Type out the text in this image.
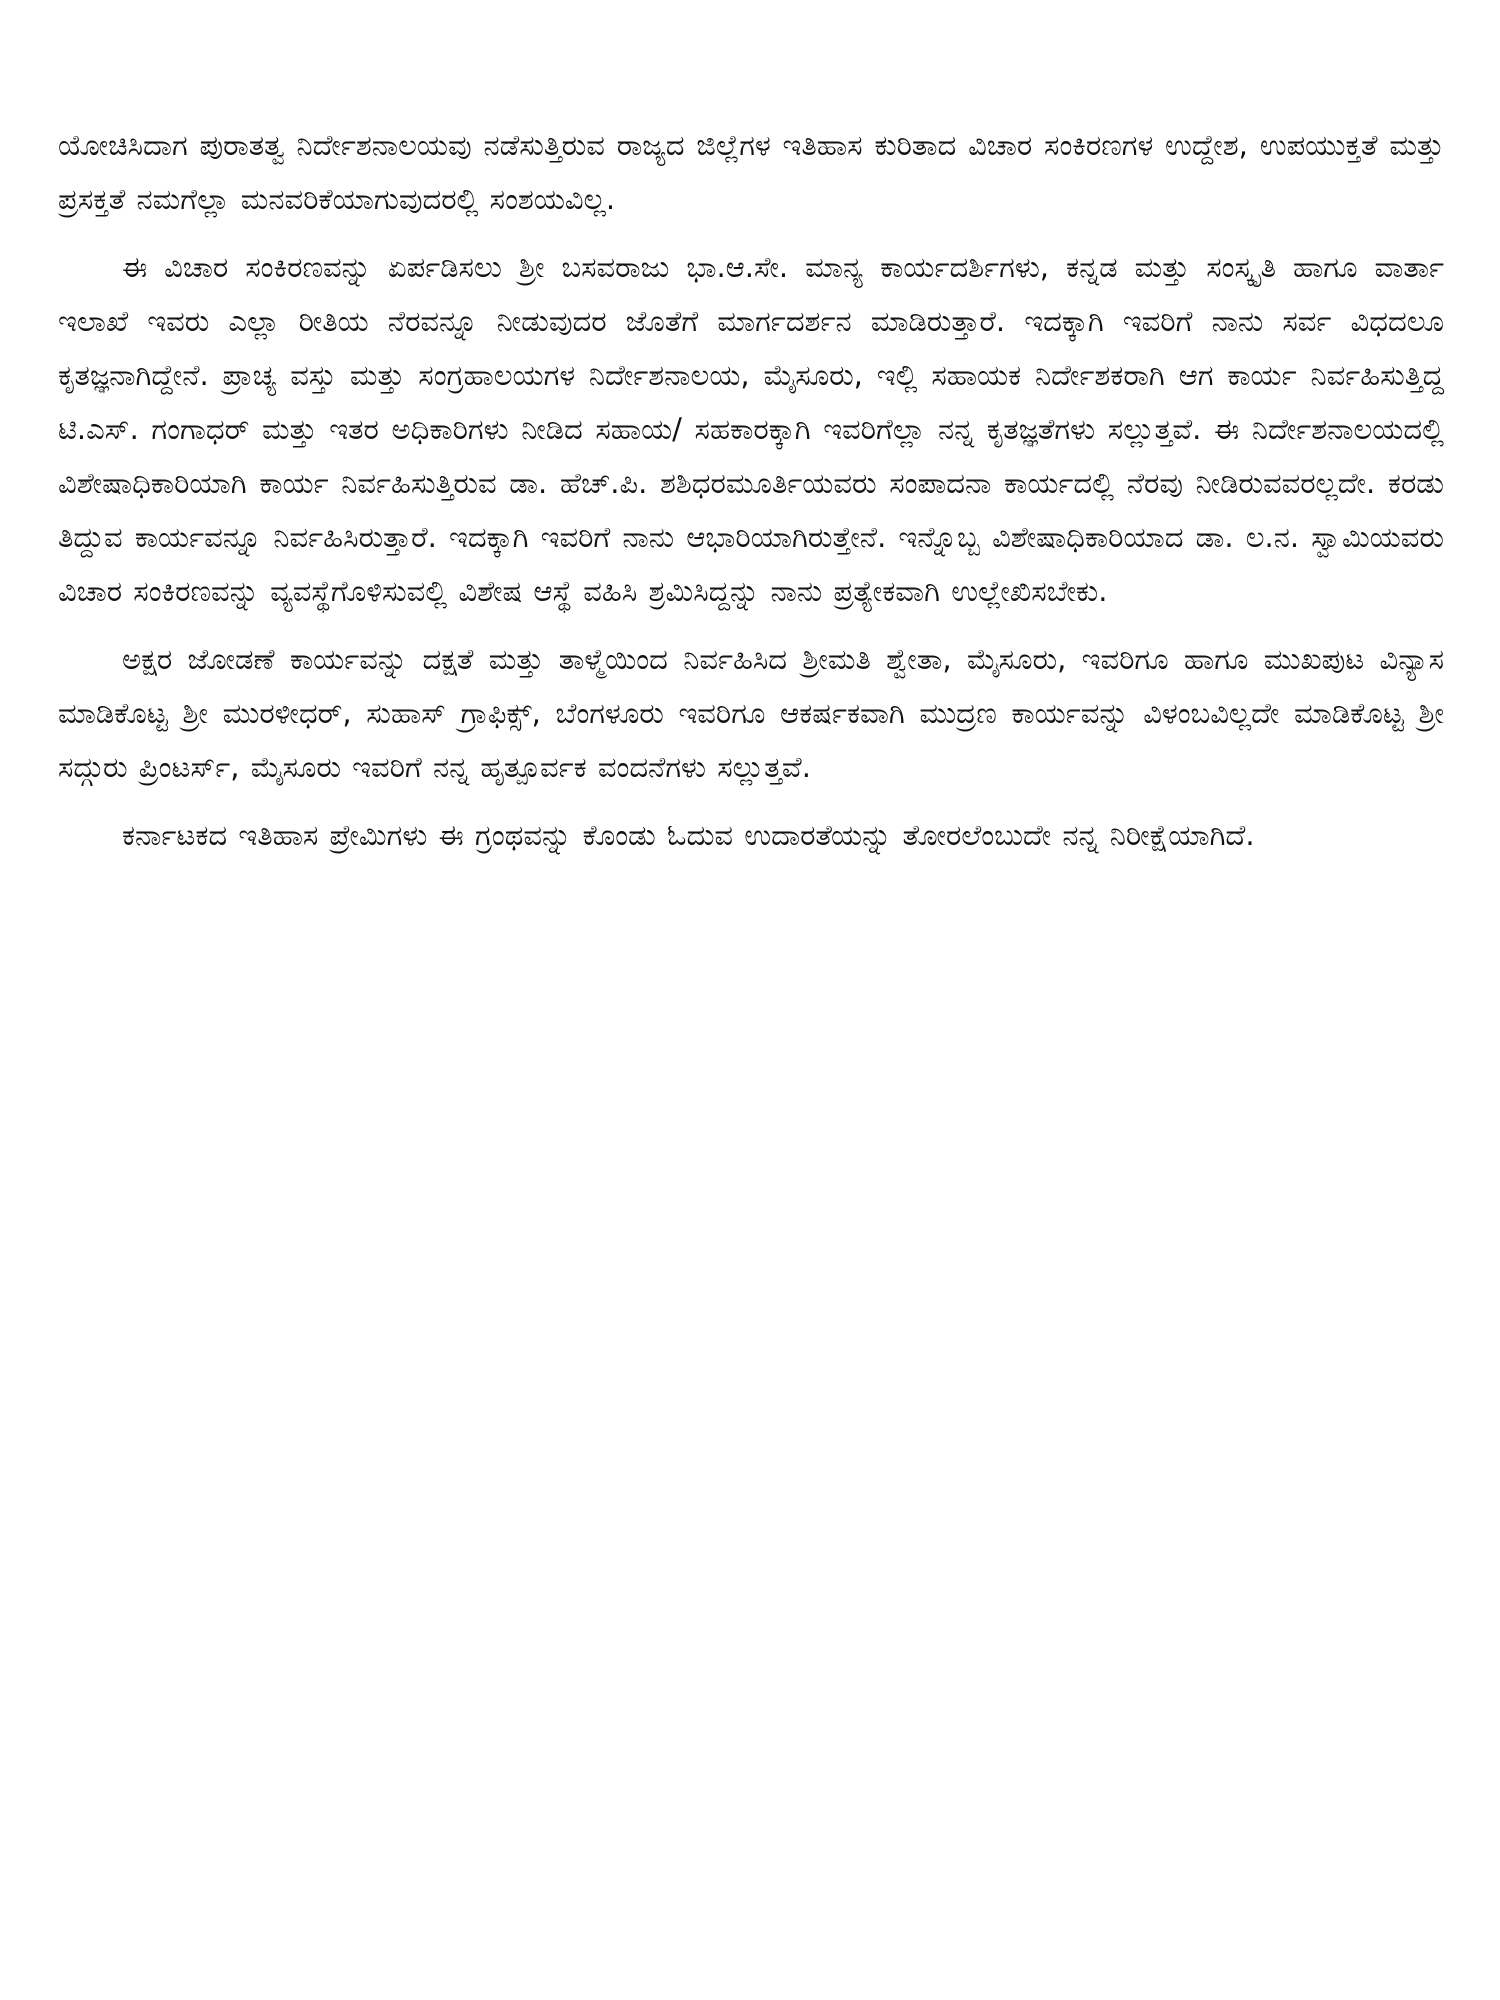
ಯೋಚಿಸಿದಾಗ ಪುರಾತತ್ವ ನಿರ್ದೇಶನಾಲಯವು ನಡೆಸುತ್ತಿರುವ ರಾಜ್ಯದ ಜಿಲ್ಲೆಗಳ ಇತಿಹಾಸ ಕುರಿತಾದ ವಿಚಾರ ಸಂಕಿರಣಗಳ ಉದ್ದೇಶ, ಉಪಯುಕ್ತತೆ ಮತ್ತು ಪ್ರಸಕ್ತತೆ ನಮಗೆಲ್ಲಾ ಮನವರಿಕೆಯಾಗುವುದರಲ್ಲಿ ಸಂಶಯವಿಲ್ಲ.

ಈ ವಿಚಾರ ಸಂಕಿರಣವನ್ನು ಏರ್ಪಡಿಸಲು ಶ್ರೀ ಬಸವರಾಜು ಭಾ.ಆ.ಸೇ. ಮಾನ್ಯ ಕಾರ್ಯದರ್ಶಿಗಳು, ಕನ್ನಡ ಮತ್ತು ಸಂಸ್ಕೃತಿ ಹಾಗೂ ವಾರ್ತಾ ಇಲಾಖೆ ಇವರು ಎಲ್ಲಾ ರೀತಿಯ ನೆರವನ್ನೂ ನೀಡುವುದರ ಜೊತೆಗೆ ಮಾರ್ಗದರ್ಶನ ಮಾಡಿರುತ್ತಾರೆ. ಇದಕ್ಕಾಗಿ ಇವರಿಗೆ ನಾನು ಸರ್ವ ವಿಧದಲೂ ಕೃತಜ್ಞನಾಗಿದ್ದೇನೆ. ಪ್ರಾಚ್ಯ ವಸ್ತು ಮತ್ತು ಸಂಗ್ರಹಾಲಯಗಳ ನಿರ್ದೇಶನಾಲಯ, ಮೈಸೂರು, ಇಲ್ಲಿ ಸಹಾಯಕ ನಿರ್ದೇಶಕರಾಗಿ ಆಗ ಕಾರ್ಯ ನಿರ್ವಹಿಸುತ್ತಿದ್ದ ಟಿ.ಎಸ್. ಗಂಗಾಧರ್ ಮತ್ತು ಇತರ ಅಧಿಕಾರಿಗಳು ನೀಡಿದ ಸಹಾಯ/ ಸಹಕಾರಕ್ಕಾಗಿ ಇವರಿಗೆಲ್ಲಾ ನನ್ನ ಕೃತಜ್ಞತೆಗಳು ಸಲ್ಲುತ್ತವೆ. ಈ ನಿರ್ದೇಶನಾಲಯದಲ್ಲಿ ವಿಶೇಷಾಧಿಕಾರಿಯಾಗಿ ಕಾರ್ಯ ನಿರ್ವಹಿಸುತ್ತಿರುವ ಡಾ. ಹೆಚ್.ಪಿ. ಶಶಿಧರಮೂರ್ತಿಯವರು ಸಂಪಾದನಾ ಕಾರ್ಯದಲ್ಲಿ ನೆರವು ನೀಡಿರುವವರಲ್ಲದೇ. ಕರಡು ತಿದ್ದುವ ಕಾರ್ಯವನ್ನೂ ನಿರ್ವಹಿಸಿರುತ್ತಾರೆ. ಇದಕ್ಕಾಗಿ ಇವರಿಗೆ ನಾನು ಆಭಾರಿಯಾಗಿರುತ್ತೇನೆ. ಇನ್ನೊಬ್ಬ ವಿಶೇಷಾಧಿಕಾರಿಯಾದ ಡಾ. ಲ.ನ. ಸ್ವಾಮಿಯವರು ವಿಚಾರ ಸಂಕಿರಣವನ್ನು ವ್ಯವಸ್ಥೆಗೊಳಿಸುವಲ್ಲಿ ವಿಶೇಷ ಆಸ್ಥೆ ವಹಿಸಿ ಶ್ರಮಿಸಿದ್ದನ್ನು ನಾನು ಪ್ರತ್ಯೇಕವಾಗಿ ಉಲ್ಲೇಖಿಸಬೇಕು.

ಅಕ್ಷರ ಜೋಡಣೆ ಕಾರ್ಯವನ್ನು ದಕ್ಷತೆ ಮತ್ತು ತಾಳ್ಮೆಯಿಂದ ನಿರ್ವಹಿಸಿದ ಶ್ರೀಮತಿ ಶ್ವೇತಾ, ಮೈಸೂರು, ಇವರಿಗೂ ಹಾಗೂ ಮುಖಪುಟ ವಿನ್ಯಾಸ ಮಾಡಿಕೊಟ್ಟ ಶ್ರೀ ಮುರಳೀಧರ್, ಸುಹಾಸ್ ಗ್ರಾಫಿಕ್ಸ್, ಬೆಂಗಳೂರು ಇವರಿಗೂ ಆಕರ್ಷಕವಾಗಿ ಮುದ್ರಣ ಕಾರ್ಯವನ್ನು ವಿಳಂಬವಿಲ್ಲದೇ ಮಾಡಿಕೊಟ್ಟ ಶ್ರೀ ಸದ್ಗುರು ಪ್ರಿಂಟರ್ಸ್, ಮೈಸೂರು ಇವರಿಗೆ ನನ್ನ ಹೃತ್ಪೂರ್ವಕ ವಂದನೆಗಳು ಸಲ್ಲುತ್ತವೆ.

ಕರ್ನಾಟಕದ ಇತಿಹಾಸ ಪ್ರೇಮಿಗಳು ಈ ಗ್ರಂಥವನ್ನು ಕೊಂಡು ಓದುವ ಉದಾರತೆಯನ್ನು ತೋರಲೆಂಬುದೇ ನನ್ನ ನಿರೀಕ್ಷೆಯಾಗಿದೆ.
